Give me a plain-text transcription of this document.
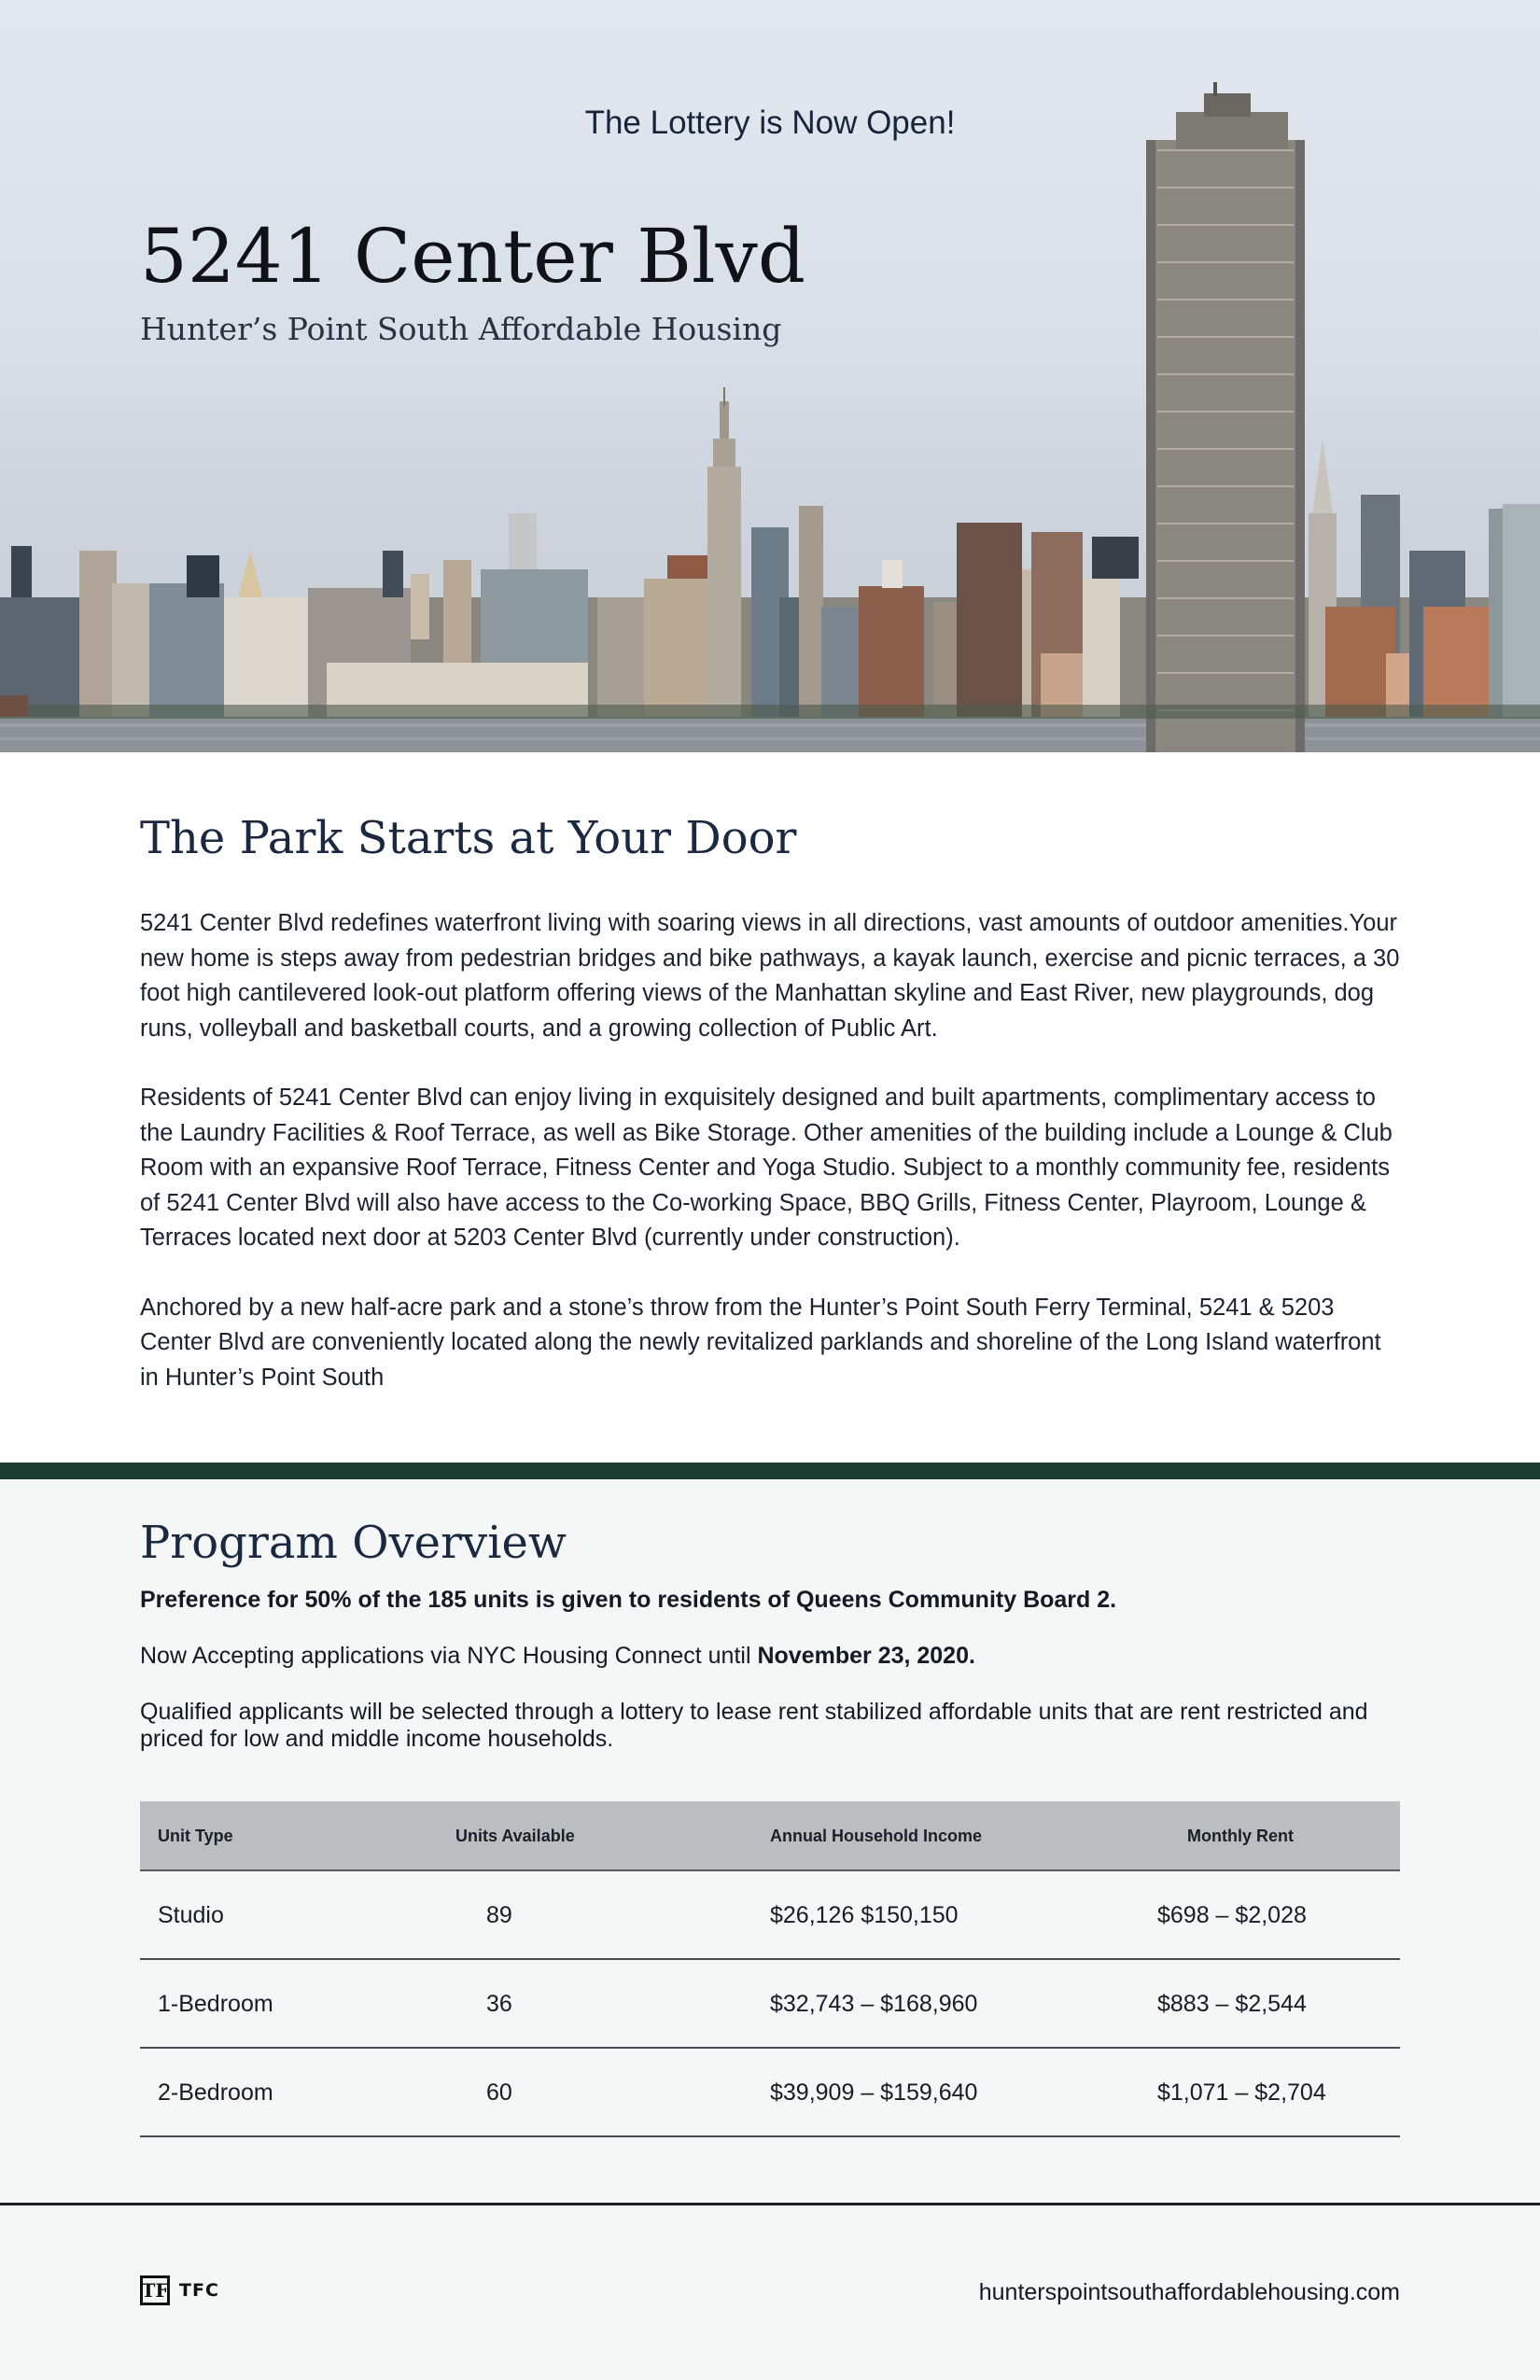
The Lottery is Now Open!
5241 Center Blvd
Hunter’s Point South Affordable Housing
The Park Starts at Your Door

5241 Center Blvd redefines waterfront living with soaring views in all directions, vast amounts of outdoor amenities.Your new home is steps away from pedestrian bridges and bike pathways, a kayak launch, exercise and picnic terraces, a 30 foot high cantilevered look-out platform offering views of the Manhattan skyline and East River, new playgrounds, dog runs, volleyball and basketball courts, and a growing collection of Public Art.

Residents of 5241 Center Blvd can enjoy living in exquisitely designed and built apartments, complimentary access to the Laundry Facilities & Roof Terrace, as well as Bike Storage. Other amenities of the building include a Lounge & Club Room with an expansive Roof Terrace, Fitness Center and Yoga Studio. Subject to a monthly community fee, residents of 5241 Center Blvd will also have access to the Co-working Space, BBQ Grills, Fitness Center, Playroom, Lounge & Terraces located next door at 5203 Center Blvd (currently under construction).

Anchored by a new half-acre park and a stone’s throw from the Hunter’s Point South Ferry Terminal, 5241 & 5203 Center Blvd are conveniently located along the newly revitalized parklands and shoreline of the Long Island waterfront in Hunter’s Point South

Program Overview
Preference for 50% of the 185 units is given to residents of Queens Community Board 2.
Now Accepting applications via NYC Housing Connect until November 23, 2020.
Qualified applicants will be selected through a lottery to lease rent stabilized affordable units that are rent restricted and priced for low and middle income households.
Unit Type	Units Available	Annual Household Income	Monthly Rent
Studio	89	$26,126 $150,150	$698 – $2,028
1-Bedroom	36	$32,743 – $168,960	$883 – $2,544
2-Bedroom	60	$39,909 – $159,640	$1,071 – $2,704
TF TFC	hunterspointsouthaffordablehousing.com
